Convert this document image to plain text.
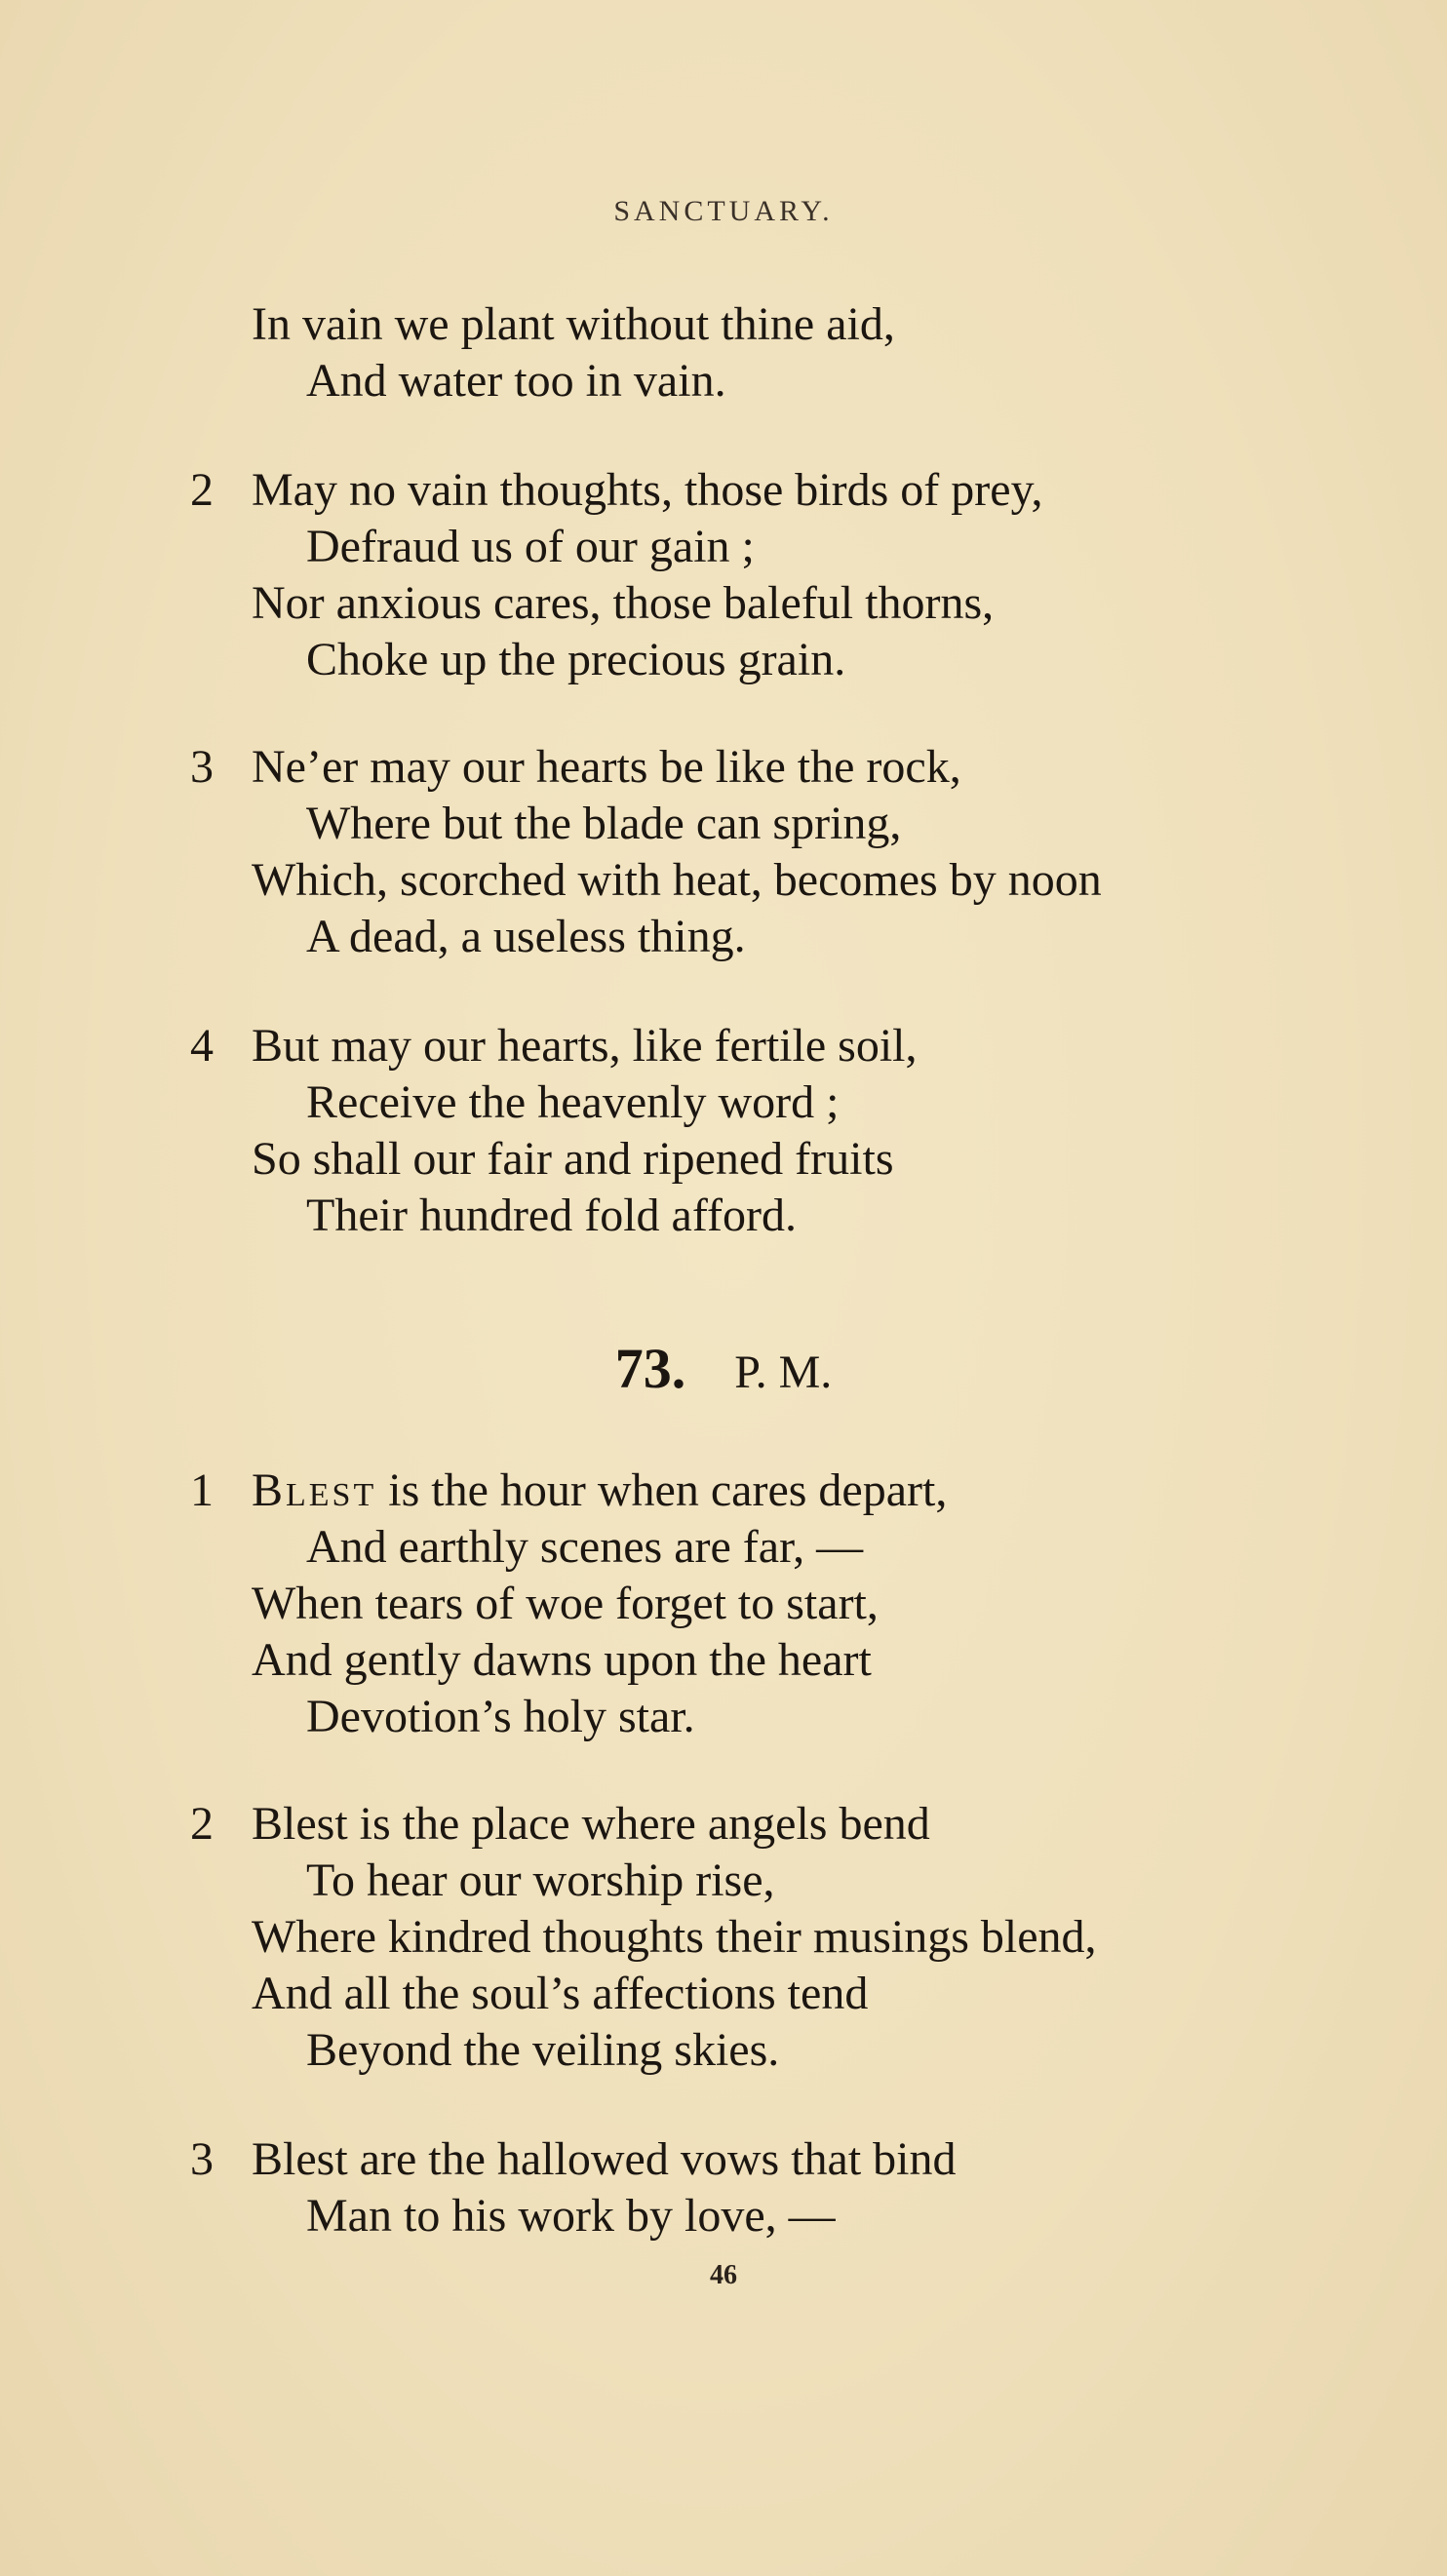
SANCTUARY.
In vain we plant without thine aid,
And water too in vain.
2 May no vain thoughts, those birds of prey,
Defraud us of our gain ;
Nor anxious cares, those baleful thorns,
Choke up the precious grain.
3 Ne’er may our hearts be like the rock,
Where but the blade can spring,
Which, scorched with heat, becomes by noon
A dead, a useless thing.
4 But may our hearts, like fertile soil,
Receive the heavenly word ;
So shall our fair and ripened fruits
Their hundred fold afford.
73. P. M.
1 Blest is the hour when cares depart,
And earthly scenes are far, —
When tears of woe forget to start,
And gently dawns upon the heart
Devotion’s holy star.
2 Blest is the place where angels bend
To hear our worship rise,
Where kindred thoughts their musings blend,
And all the soul’s affections tend
Beyond the veiling skies.
3 Blest are the hallowed vows that bind
Man to his work by love, —
46
